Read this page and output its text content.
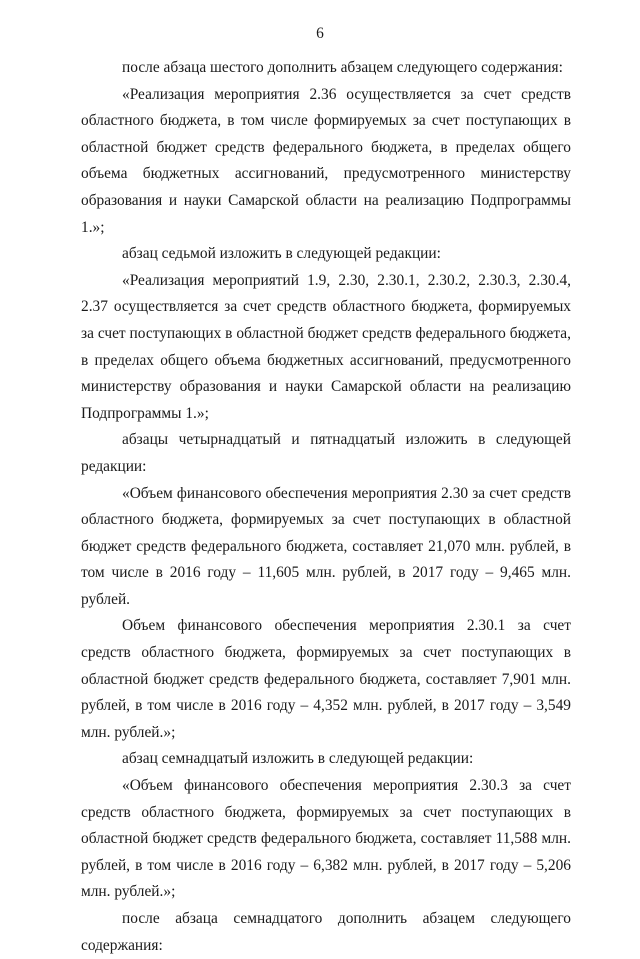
6

после абзаца шестого дополнить абзацем следующего содержания:

«Реализация мероприятия 2.36 осуществляется за счет средств областного бюджета, в том числе формируемых за счет поступающих в областной бюджет средств федерального бюджета, в пределах общего объема бюджетных ассигнований, предусмотренного министерству образования и науки Самарской области на реализацию Подпрограммы 1.»;

абзац седьмой изложить в следующей редакции:

«Реализация мероприятий 1.9, 2.30, 2.30.1, 2.30.2, 2.30.3, 2.30.4, 2.37 осуществляется за счет средств областного бюджета, формируемых за счет поступающих в областной бюджет средств федерального бюджета, в пределах общего объема бюджетных ассигнований, предусмотренного министерству образования и науки Самарской области на реализацию Подпрограммы 1.»;

абзацы четырнадцатый и пятнадцатый изложить в следующей редакции:

«Объем финансового обеспечения мероприятия 2.30 за счет средств областного бюджета, формируемых за счет поступающих в областной бюджет средств федерального бюджета, составляет 21,070 млн. рублей, в том числе в 2016 году – 11,605 млн. рублей, в 2017 году – 9,465 млн. рублей.

Объем финансового обеспечения мероприятия 2.30.1 за счет средств областного бюджета, формируемых за счет поступающих в областной бюджет средств федерального бюджета, составляет 7,901 млн. рублей, в том числе в 2016 году – 4,352 млн. рублей, в 2017 году – 3,549 млн. рублей.»;

абзац семнадцатый изложить в следующей редакции:

«Объем финансового обеспечения мероприятия 2.30.3 за счет средств областного бюджета, формируемых за счет поступающих в областной бюджет средств федерального бюджета, составляет 11,588 млн. рублей, в том числе в 2016 году – 6,382 млн. рублей, в 2017 году – 5,206 млн. рублей.»;

после абзаца семнадцатого дополнить абзацем следующего содержания:
